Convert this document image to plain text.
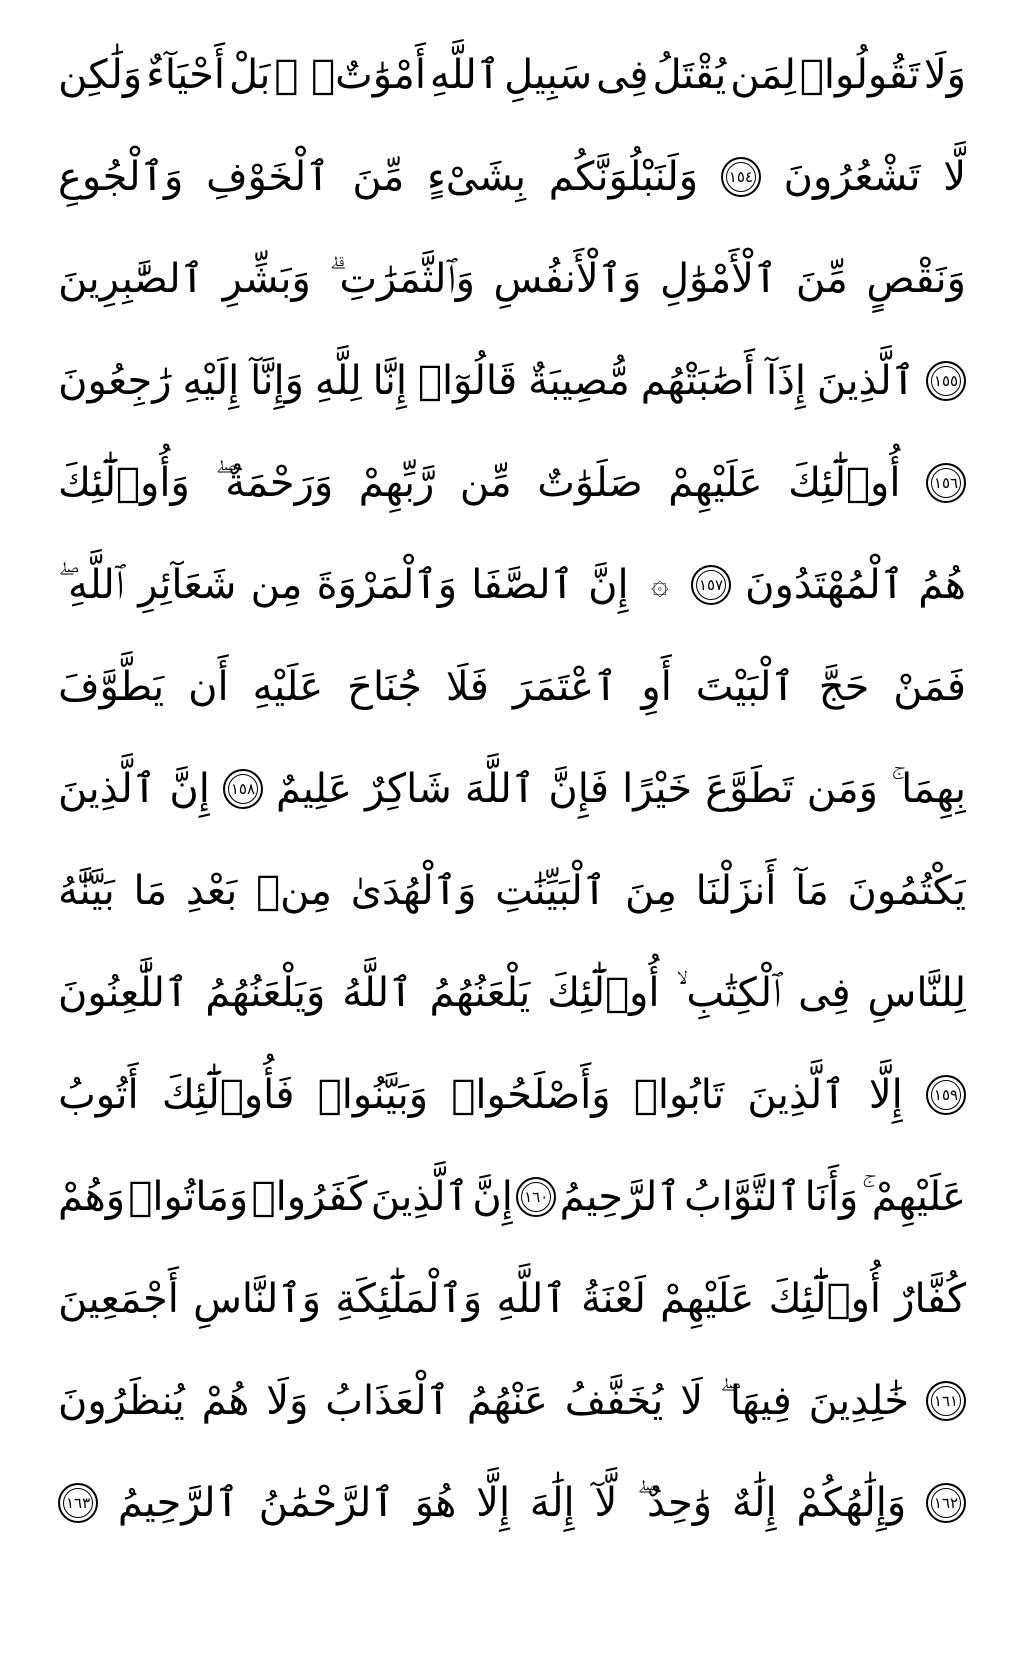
وَلَا
تَقُولُوا۟
لِمَن
يُقْتَلُ
فِى
سَبِيلِ
ٱللَّهِ
أَمْوَٰتٌۢ ۚ
بَلْ
أَحْيَآءٌ
وَلَٰكِن
لَّا
تَشْعُرُونَ
١٥٤
وَلَنَبْلُوَنَّكُم
بِشَىْءٍ
مِّنَ
ٱلْخَوْفِ
وَٱلْجُوعِ
وَنَقْصٍ
مِّنَ
ٱلْأَمْوَٰلِ
وَٱلْأَنفُسِ
وَٱلثَّمَرَٰتِ ۗ
وَبَشِّرِ
ٱلصَّٰبِرِينَ
١٥٥
ٱلَّذِينَ
إِذَآ
أَصَٰبَتْهُم
مُّصِيبَةٌ
قَالُوٓا۟
إِنَّا
لِلَّهِ
وَإِنَّآ
إِلَيْهِ
رَٰجِعُونَ
١٥٦
أُو۟لَٰٓئِكَ
عَلَيْهِمْ
صَلَوَٰتٌ
مِّن
رَّبِّهِمْ
وَرَحْمَةٌ ۖ
وَأُو۟لَٰٓئِكَ
هُمُ
ٱلْمُهْتَدُونَ
١٥٧
۞
إِنَّ
ٱلصَّفَا
وَٱلْمَرْوَةَ
مِن
شَعَآئِرِ
ٱللَّهِ ۖ
فَمَنْ
حَجَّ
ٱلْبَيْتَ
أَوِ
ٱعْتَمَرَ
فَلَا
جُنَاحَ
عَلَيْهِ
أَن
يَطَّوَّفَ
بِهِمَا ۚ
وَمَن
تَطَوَّعَ
خَيْرًا
فَإِنَّ
ٱللَّهَ
شَاكِرٌ
عَلِيمٌ
١٥٨
إِنَّ
ٱلَّذِينَ
يَكْتُمُونَ
مَآ
أَنزَلْنَا
مِنَ
ٱلْبَيِّنَٰتِ
وَٱلْهُدَىٰ
مِنۢ
بَعْدِ
مَا
بَيَّنَّٰهُ
لِلنَّاسِ
فِى
ٱلْكِتَٰبِ ۙ
أُو۟لَٰٓئِكَ
يَلْعَنُهُمُ
ٱللَّهُ
وَيَلْعَنُهُمُ
ٱللَّٰعِنُونَ
١٥٩
إِلَّا
ٱلَّذِينَ
تَابُوا۟
وَأَصْلَحُوا۟
وَبَيَّنُوا۟
فَأُو۟لَٰٓئِكَ
أَتُوبُ
عَلَيْهِمْ ۚ
وَأَنَا
ٱلتَّوَّابُ
ٱلرَّحِيمُ
١٦٠
إِنَّ
ٱلَّذِينَ
كَفَرُوا۟
وَمَاتُوا۟
وَهُمْ
كُفَّارٌ
أُو۟لَٰٓئِكَ
عَلَيْهِمْ
لَعْنَةُ
ٱللَّهِ
وَٱلْمَلَٰٓئِكَةِ
وَٱلنَّاسِ
أَجْمَعِينَ
١٦١
خَٰلِدِينَ
فِيهَا ۖ
لَا
يُخَفَّفُ
عَنْهُمُ
ٱلْعَذَابُ
وَلَا
هُمْ
يُنظَرُونَ
١٦٢
وَإِلَٰهُكُمْ
إِلَٰهٌ
وَٰحِدٌ ۖ
لَّآ
إِلَٰهَ
إِلَّا
هُوَ
ٱلرَّحْمَٰنُ
ٱلرَّحِيمُ
١٦٣
